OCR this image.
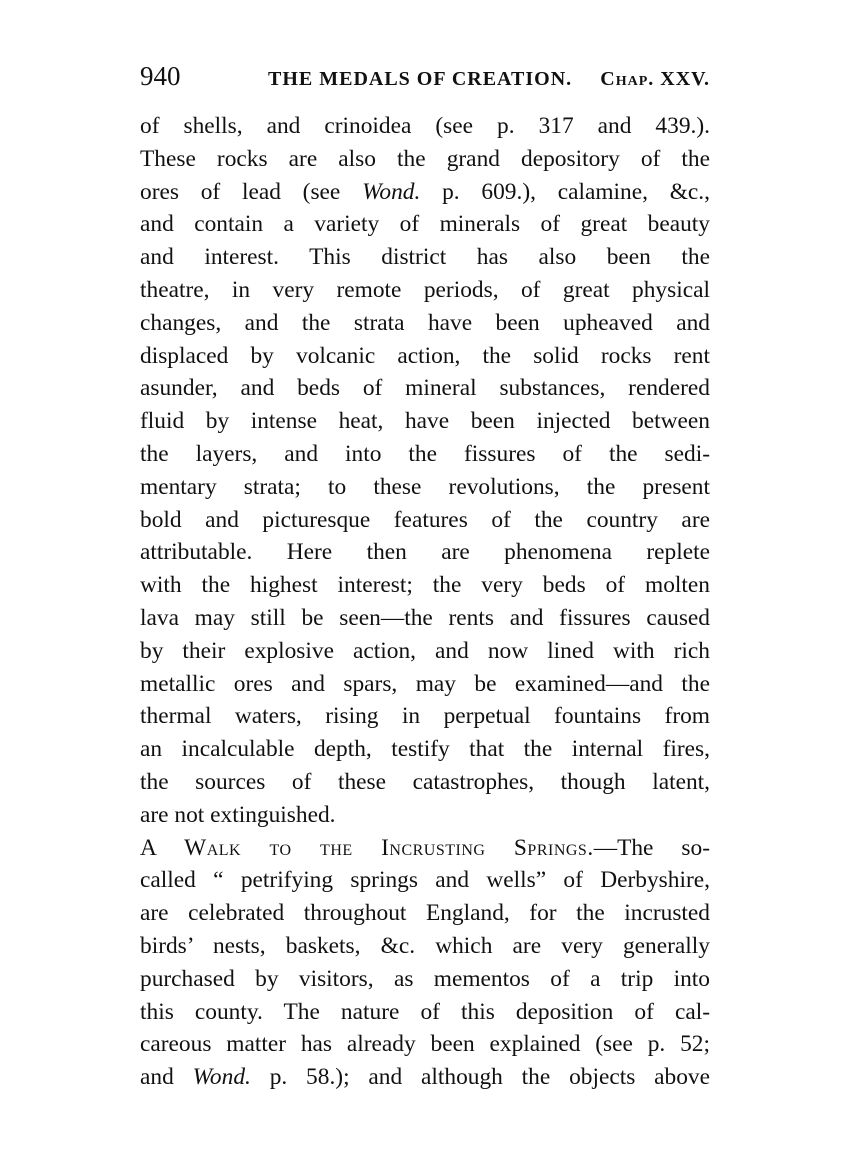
940	THE MEDALS OF CREATION. Chap. XXV.
of shells, and crinoidea (see p. 317 and 439.).
These rocks are also the grand depository of the
ores of lead (see Wond. p. 609.), calamine, &c.,
and contain a variety of minerals of great beauty
and interest. This district has also been the
theatre, in very remote periods, of great physical
changes, and the strata have been upheaved and
displaced by volcanic action, the solid rocks rent
asunder, and beds of mineral substances, rendered
fluid by intense heat, have been injected between
the layers, and into the fissures of the sedi-
mentary strata; to these revolutions, the present
bold and picturesque features of the country are
attributable. Here then are phenomena replete
with the highest interest; the very beds of molten
lava may still be seen—the rents and fissures caused
by their explosive action, and now lined with rich
metallic ores and spars, may be examined—and the
thermal waters, rising in perpetual fountains from
an incalculable depth, testify that the internal fires,
the sources of these catastrophes, though latent,
are not extinguished.
A Walk to the Incrusting Springs.—The so-
called “ petrifying springs and wells” of Derbyshire,
are celebrated throughout England, for the incrusted
birds’ nests, baskets, &c. which are very generally
purchased by visitors, as mementos of a trip into
this county. The nature of this deposition of cal-
careous matter has already been explained (see p. 52;
and Wond. p. 58.); and although the objects above
